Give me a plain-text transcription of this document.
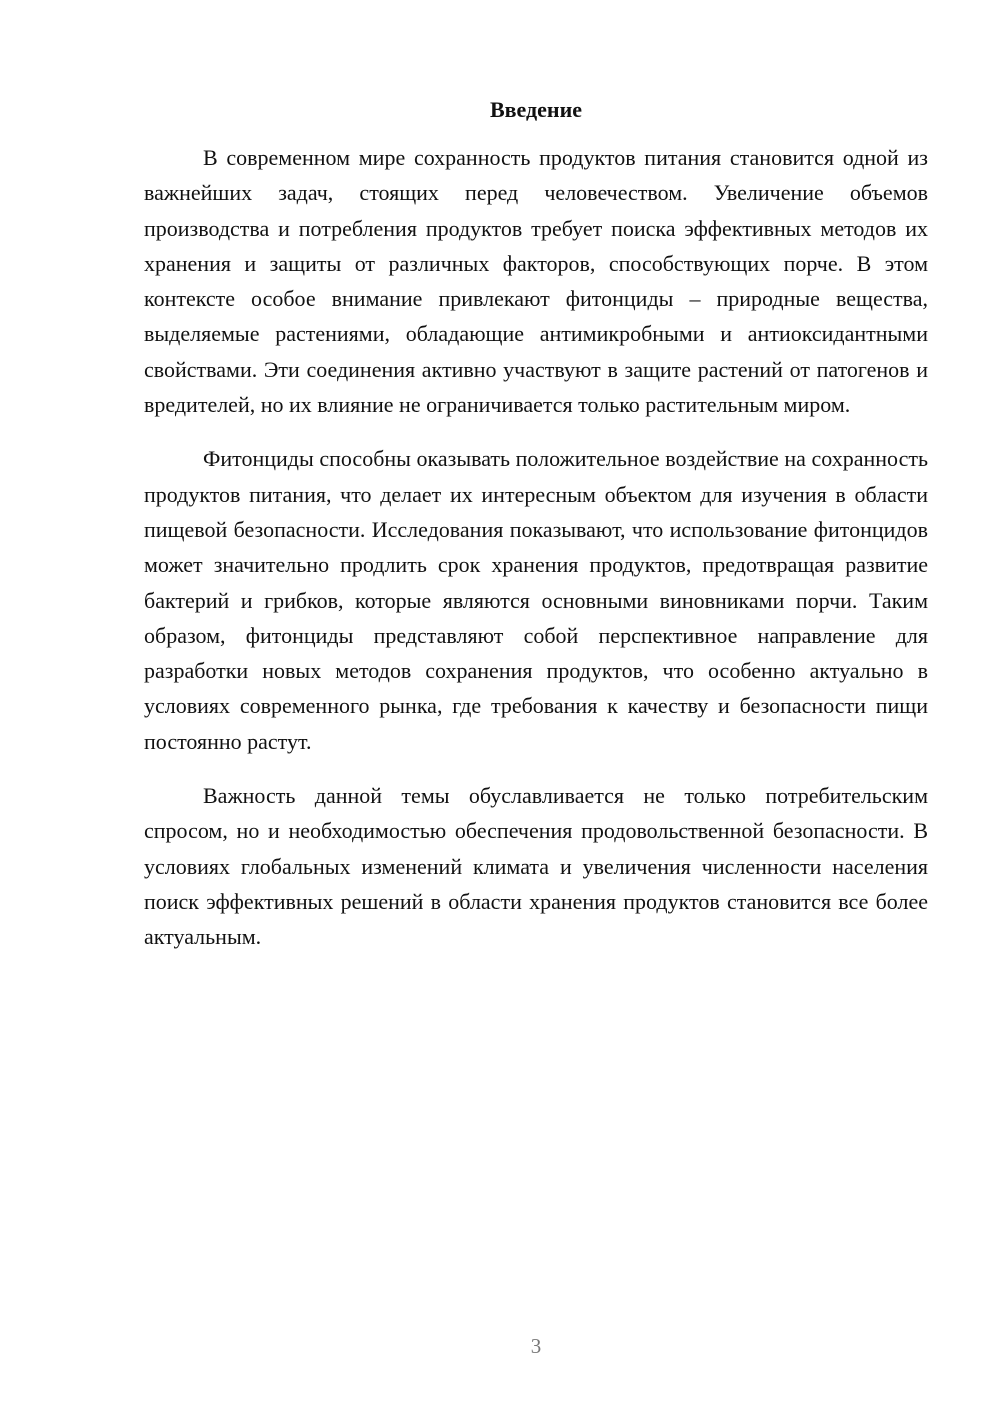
Введение

В современном мире сохранность продуктов питания становится одной из важнейших задач, стоящих перед человечеством. Увеличение объемов производства и потребления продуктов требует поиска эффективных методов их хранения и защиты от различных факторов, способствующих порче. В этом контексте особое внимание привлекают фитонциды – природные вещества, выделяемые растениями, обладающие антимикробными и антиоксидантными свойствами. Эти соединения активно участвуют в защите растений от патогенов и вредителей, но их влияние не ограничивается только растительным миром.

Фитонциды способны оказывать положительное воздействие на сохранность продуктов питания, что делает их интересным объектом для изучения в области пищевой безопасности. Исследования показывают, что использование фитонцидов может значительно продлить срок хранения продуктов, предотвращая развитие бактерий и грибков, которые являются основными виновниками порчи. Таким образом, фитонциды представляют собой перспективное направление для разработки новых методов сохранения продуктов, что особенно актуально в условиях современного рынка, где требования к качеству и безопасности пищи постоянно растут.

Важность данной темы обуславливается не только потребительским спросом, но и необходимостью обеспечения продовольственной безопасности. В условиях глобальных изменений климата и увеличения численности населения поиск эффективных решений в области хранения продуктов становится все более актуальным.

3
